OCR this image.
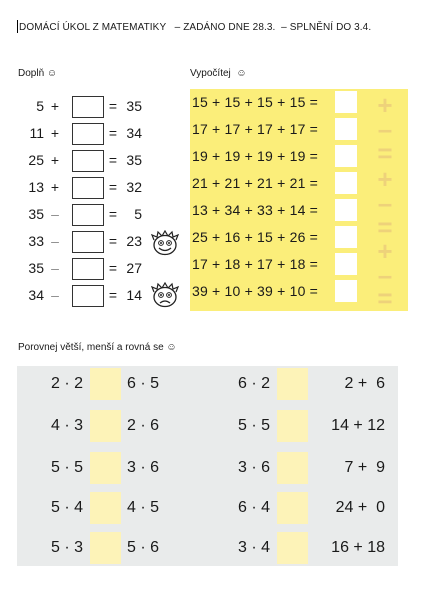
DOMÁCÍ ÚKOL Z MATEMATIKY   – ZADÁNO DNE 28.3.  – SPLNĚNÍ DO 3.4.
Doplň ☺	Vypočítej  ☺
5 +	= 35
11 +	= 34
25 +	= 35
13 +	= 32
35 –	=	5
33 –	= 23
35 –	= 27
34 –	= 14
15 + 15 + 15 + 15 =
17 + 17 + 17 + 17 =
19 + 19 + 19 + 19 =
21 + 21 + 21 + 21 =
13 + 34 + 33 + 14 =
25 + 16 + 15 + 26 =
17 + 18 + 17 + 18 =
39 + 10 + 39 + 10 =
+
–
=
+
–
=
+
–
=
Porovnej větší, menší a rovná se ☺
2 · 2	6 · 5	6 · 2	2 +  6
4 · 3	2 · 6	5 · 5	14 + 12
5 · 5	3 · 6	3 · 6	7 +  9
5 · 4	4 · 5	6 · 4	24 +  0
5 · 3	5 · 6	3 · 4	16 + 18
